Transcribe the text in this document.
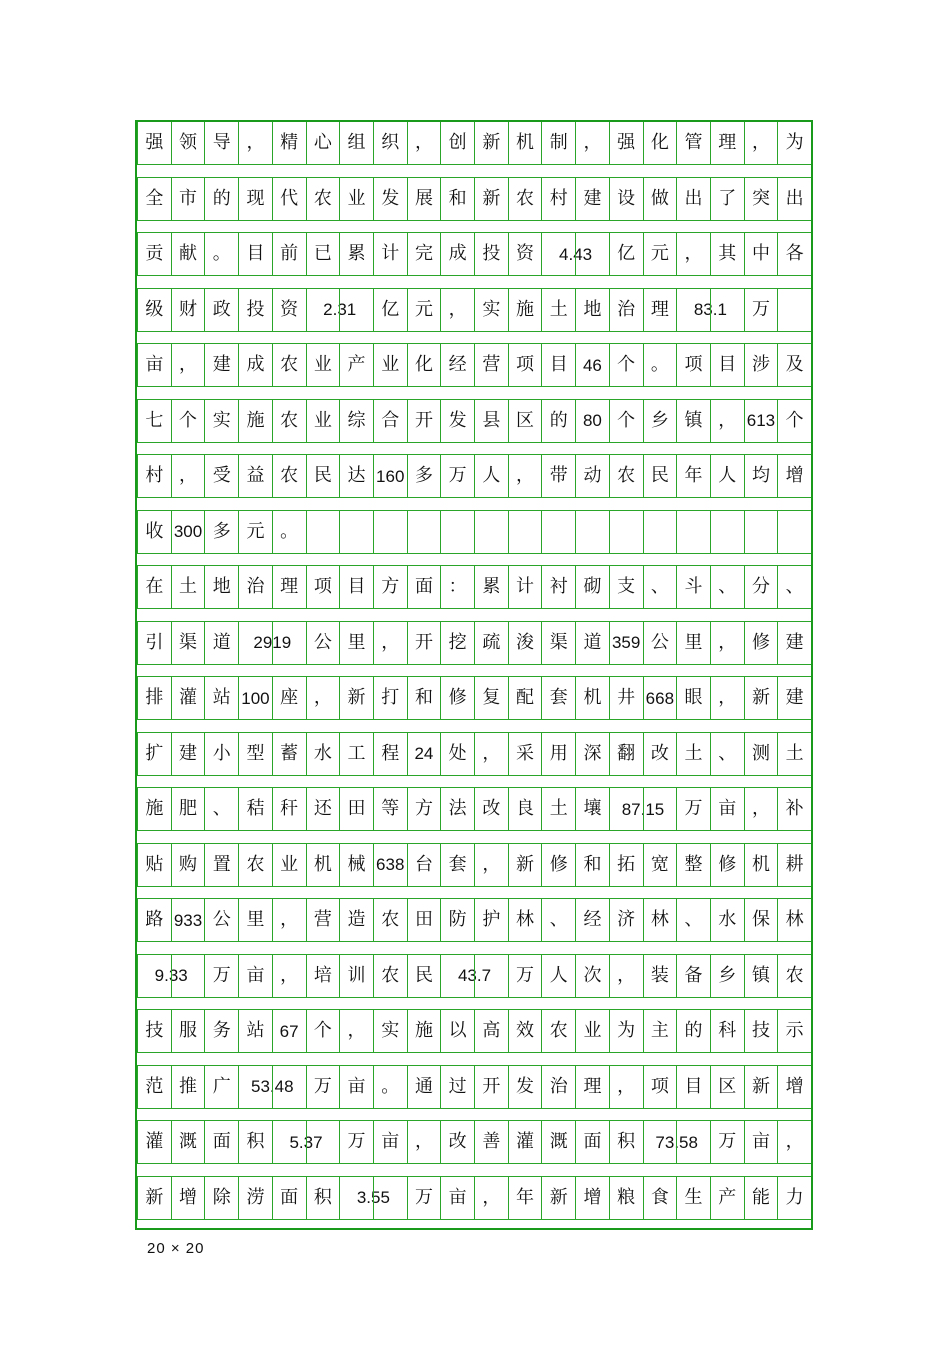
强 领 导 ， 精 心 组 织 ， 创 新 机 制 ， 强 化 管 理 ， 为
全 市 的 现 代 农 业 发 展 和 新 农 村 建 设 做 出 了 突 出
贡 献 。 目 前 已 累 计 完 成 投 资	4.43	亿 元 ， 其 中 各
级 财 政 投 资	2.31	亿 元 ， 实 施 土 地 治 理	83.1	万
亩 ， 建 成 农 业 产 业 化 经 营 项 目 46 个 。 项 目 涉 及
七 个 实 施 农 业 综 合 开 发 县 区 的 80 个 乡 镇 ， 613 个
村 ， 受 益 农 民 达 160 多 万 人 ， 带 动 农 民 年 人 均 增
收 300 多 元 。
在 土 地 治 理 项 目 方 面 ： 累 计 衬 砌 支 、 斗 、 分 、
引 渠 道	2919	公 里 ， 开 挖 疏 浚 渠 道 359 公 里 ， 修 建
排 灌 站 100 座 ， 新 打 和 修 复 配 套 机 井 668 眼 ， 新 建
扩 建 小 型 蓄 水 工 程 24 处 ， 采 用 深 翻 改 土 、 测 土
施 肥 、 秸 秆 还 田 等 方 法 改 良 土 壤	87.15	万 亩 ， 补
贴 购 置 农 业 机 械 638 台 套 ， 新 修 和 拓 宽 整 修 机 耕
路 933 公 里 ， 营 造 农 田 防 护 林 、 经 济 林 、 水 保 林
9.33	万 亩 ， 培 训 农 民	43.7	万 人 次 ， 装 备 乡 镇 农
技 服 务 站 67 个 ， 实 施 以 高 效 农 业 为 主 的 科 技 示
范 推 广	53.48	万 亩 。 通 过 开 发 治 理 ， 项 目 区 新 增
灌 溉 面 积	5.37	万 亩 ， 改 善 灌 溉 面 积	73.58	万 亩 ，
新 增 除 涝 面 积	3.55	万 亩 ， 年 新 增 粮 食 生 产 能 力
20 × 20
